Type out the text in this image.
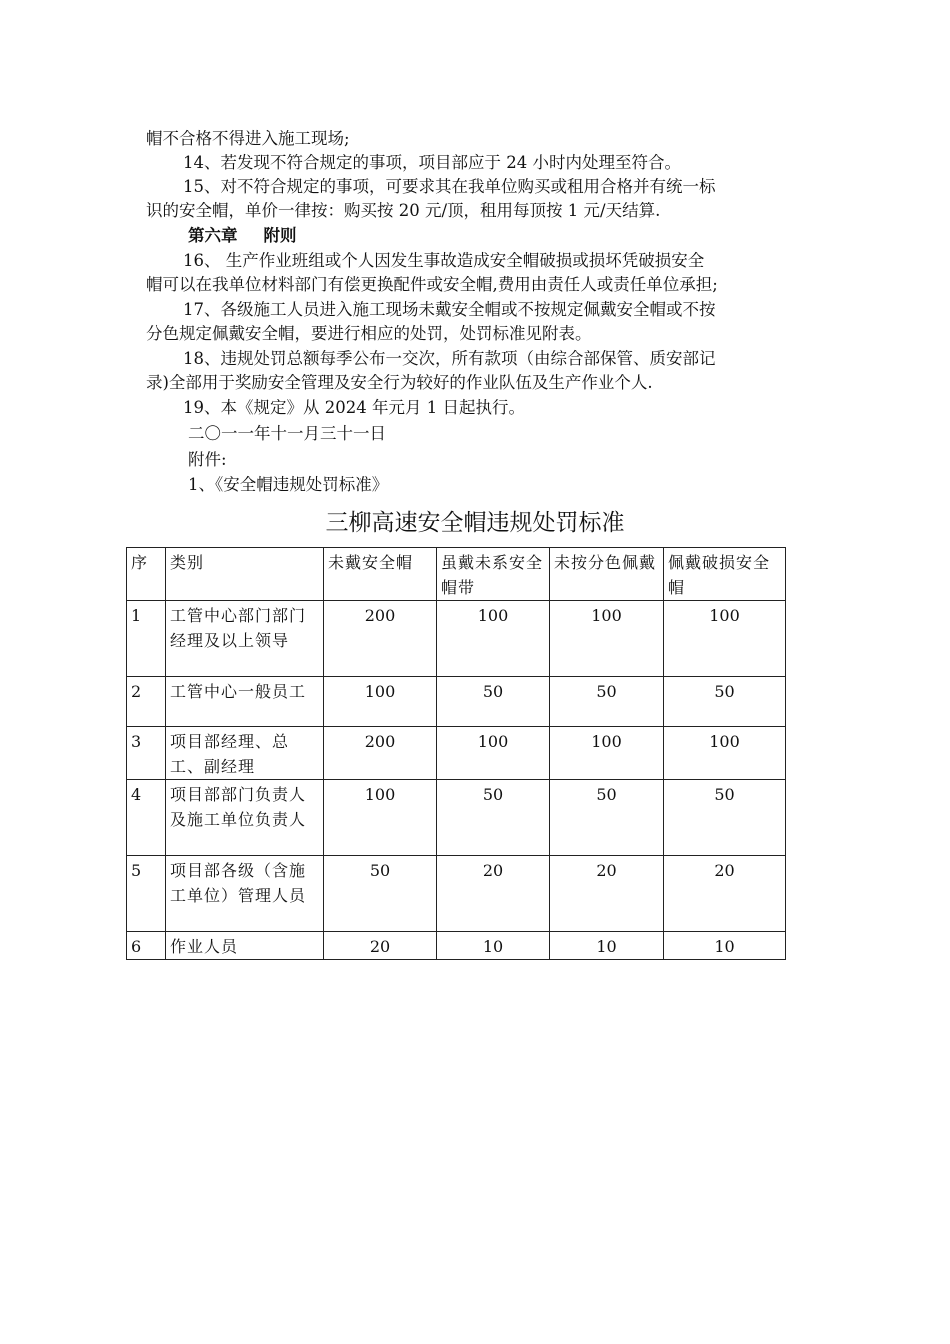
帽不合格不得进入施工现场;
14、若发现不符合规定的事项，项目部应于 24 小时内处理至符合。
15、对不符合规定的事项，可要求其在我单位购买或租用合格并有统一标
识的安全帽，单价一律按：购买按 20 元/顶，租用每顶按 1 元/天结算.
第六章 附则
16、 生产作业班组或个人因发生事故造成安全帽破损或损坏凭破损安全
帽可以在我单位材料部门有偿更换配件或安全帽,费用由责任人或责任单位承担;
17、各级施工人员进入施工现场未戴安全帽或不按规定佩戴安全帽或不按
分色规定佩戴安全帽，要进行相应的处罚，处罚标准见附表。
18、违规处罚总额每季公布一交次，所有款项（由综合部保管、质安部记
录)全部用于奖励安全管理及安全行为较好的作业队伍及生产作业个人.
19、本《规定》从 2024 年元月 1 日起执行。
二〇一一年十一月三十一日
附件:
1、《安全帽违规处罚标准》
三柳高速安全帽违规处罚标准
序	类别	未戴安全帽	虽戴未系安全帽带	未按分色佩戴	佩戴破损安全帽
1	工管中心部门部门经理及以上领导	200	100	100	100
2	工管中心一般员工	100	50	50	50
3	项目部经理、总工、副经理	200	100	100	100
4	项目部部门负责人及施工单位负责人	100	50	50	50
5	项目部各级（含施工单位）管理人员	50	20	20	20
6	作业人员	20	10	10	10
